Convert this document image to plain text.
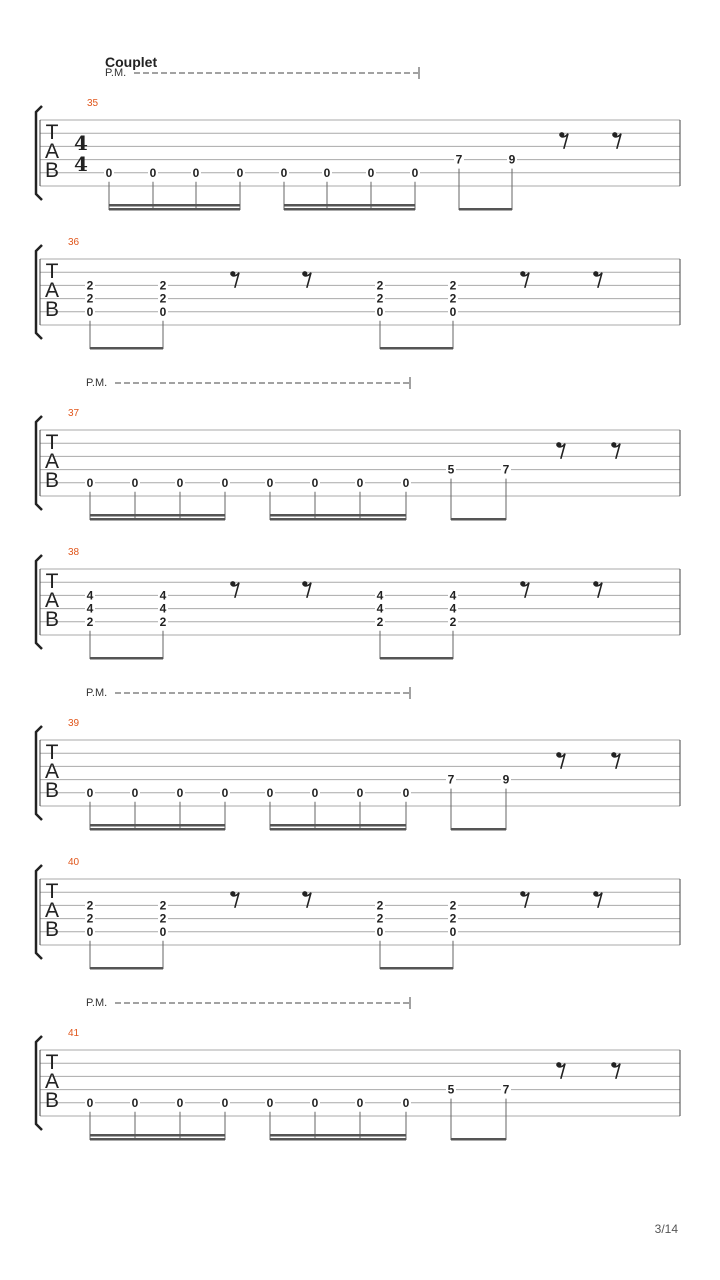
Couplet
T
A
B
35
4
4
P.M.
0	0	0	0	0	0	0	0
7	9
T
A
B
36
2
2
0
2
2
0
2
2
0
2
2
0
T
A
B
37
P.M.
0	0	0	0	0	0	0	0
5	7
T
A
B
38
4
4
2
4
4
2
4
4
2
4
4
2
T
A
B
39
P.M.
0	0	0	0	0	0	0	0
7	9
T
A
B
40
2
2
0
2
2
0
2
2
0
2
2
0
T
A
B
41
P.M.
0	0	0	0	0	0	0	0
5	7
3/14
